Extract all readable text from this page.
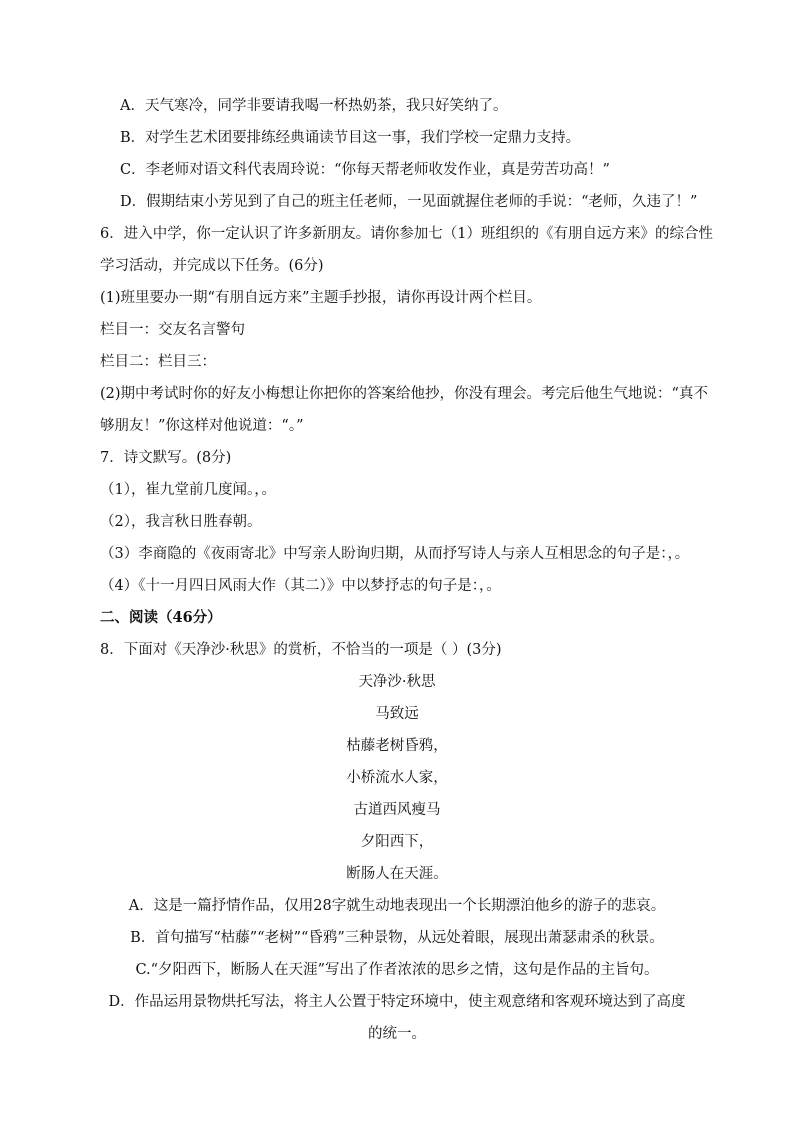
A．天气寒冷，同学非要请我喝一杯热奶茶，我只好笑纳了。
B．对学生艺术团要排练经典诵读节目这一事，我们学校一定鼎力支持。
C．李老师对语文科代表周玲说：“你每天帮老师收发作业，真是劳苦功高！”
D．假期结束小芳见到了自己的班主任老师，一见面就握住老师的手说：“老师，久违了！”
6．进入中学，你一定认识了许多新朋友。请你参加七（1）班组织的《有朋自远方来》的综合性
学习活动，并完成以下任务。(6分)
(1)班里要办一期“有朋自远方来”主题手抄报，请你再设计两个栏目。
栏目一：交友名言警句
栏目二：栏目三：
(2)期中考试时你的好友小梅想让你把你的答案给他抄，你没有理会。考完后他生气地说：“真不
够朋友！”你这样对他说道：“。”
7．诗文默写。(8分)
（1），崔九堂前几度闻。，。
（2），我言秋日胜春朝。
（3）李商隐的《夜雨寄北》中写亲人盼询归期，从而抒写诗人与亲人互相思念的句子是：，。
（4）《十一月四日风雨大作（其二）》中以梦抒志的句子是：，。
二、阅读（46分）
8．下面对《天净沙·秋思》的赏析，不恰当的一项是（ ）(3分)
天净沙·秋思
马致远
枯藤老树昏鸦，
小桥流水人家，
古道西风瘦马
夕阳西下，
断肠人在天涯。
A．这是一篇抒情作品，仅用28字就生动地表现出一个长期漂泊他乡的游子的悲哀。
B．首句描写“枯藤”“老树”“昏鸦”三种景物，从远处着眼，展现出萧瑟肃杀的秋景。
C.“夕阳西下，断肠人在天涯”写出了作者浓浓的思乡之情，这句是作品的主旨句。
D．作品运用景物烘托写法，将主人公置于特定环境中，使主观意绪和客观环境达到了高度
的统一。
